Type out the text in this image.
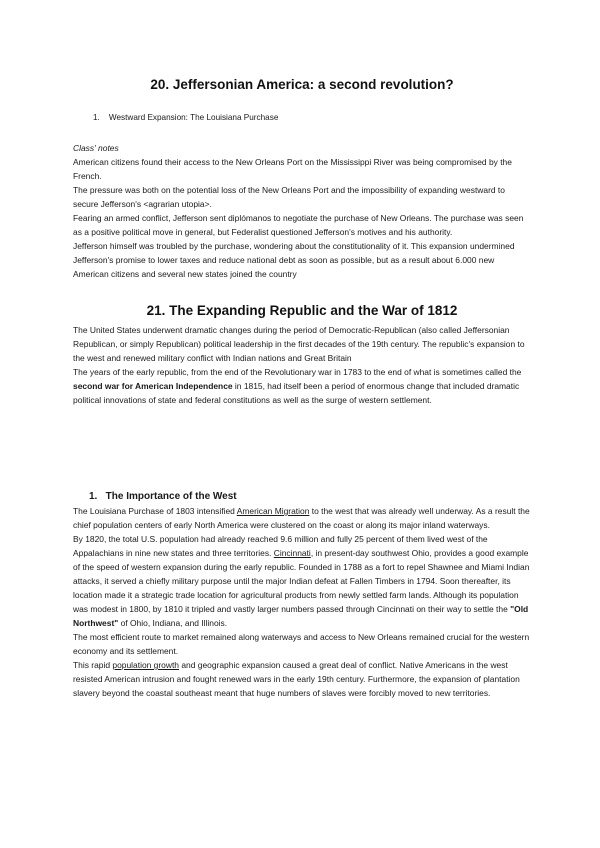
20. Jeffersonian America: a second revolution?
1.    Westward Expansion: The Louisiana Purchase
Class' notes

American citizens found their access to the New Orleans Port on the Mississippi River was being compromised by the French.

The pressure was both on the potential loss of the New Orleans Port and the impossibility of expanding westward to secure Jefferson's <agrarian utopia>.

Fearing an armed conflict, Jefferson sent diplómanos to negotiate the purchase of New Orleans. The purchase was seen as a positive political move in general, but Federalist questioned Jefferson's motives and his authority.

Jefferson himself was troubled by the purchase, wondering about the constitutionality of it. This expansion undermined Jefferson's promise to lower taxes and reduce national debt as soon as possible, but as a result about 6.000 new American citizens and several new states joined the country

21. The Expanding Republic and the War of 1812

The United States underwent dramatic changes during the period of Democratic-Republican (also called Jeffersonian Republican, or simply Republican) political leadership in the first decades of the 19th century. The republic's expansion to the west and renewed military conflict with Indian nations and Great Britain

The years of the early republic, from the end of the Revolutionary war in 1783 to the end of what is sometimes called the second war for American Independence in 1815, had itself been a period of enormous change that included dramatic political innovations of state and federal constitutions as well as the surge of western settlement.

1.   The Importance of the West

The Louisiana Purchase of 1803 intensified American Migration to the west that was already well underway. As a result the chief population centers of early North America were clustered on the coast or along its major inland waterways.

By 1820, the total U.S. population had already reached 9.6 million and fully 25 percent of them lived west of the Appalachians in nine new states and three territories. Cincinnati, in present-day southwest Ohio, provides a good example of the speed of western expansion during the early republic. Founded in 1788 as a fort to repel Shawnee and Miami Indian attacks, it served a chiefly military purpose until the major Indian defeat at Fallen Timbers in 1794. Soon thereafter, its location made it a strategic trade location for agricultural products from newly settled farm lands. Although its population was modest in 1800, by 1810 it tripled and vastly larger numbers passed through Cincinnati on their way to settle the "Old Northwest" of Ohio, Indiana, and Illinois.

The most efficient route to market remained along waterways and access to New Orleans remained crucial for the western economy and its settlement.

This rapid population growth and geographic expansion caused a great deal of conflict. Native Americans in the west resisted American intrusion and fought renewed wars in the early 19th century. Furthermore, the expansion of plantation slavery beyond the coastal southeast meant that huge numbers of slaves were forcibly moved to new territories.
